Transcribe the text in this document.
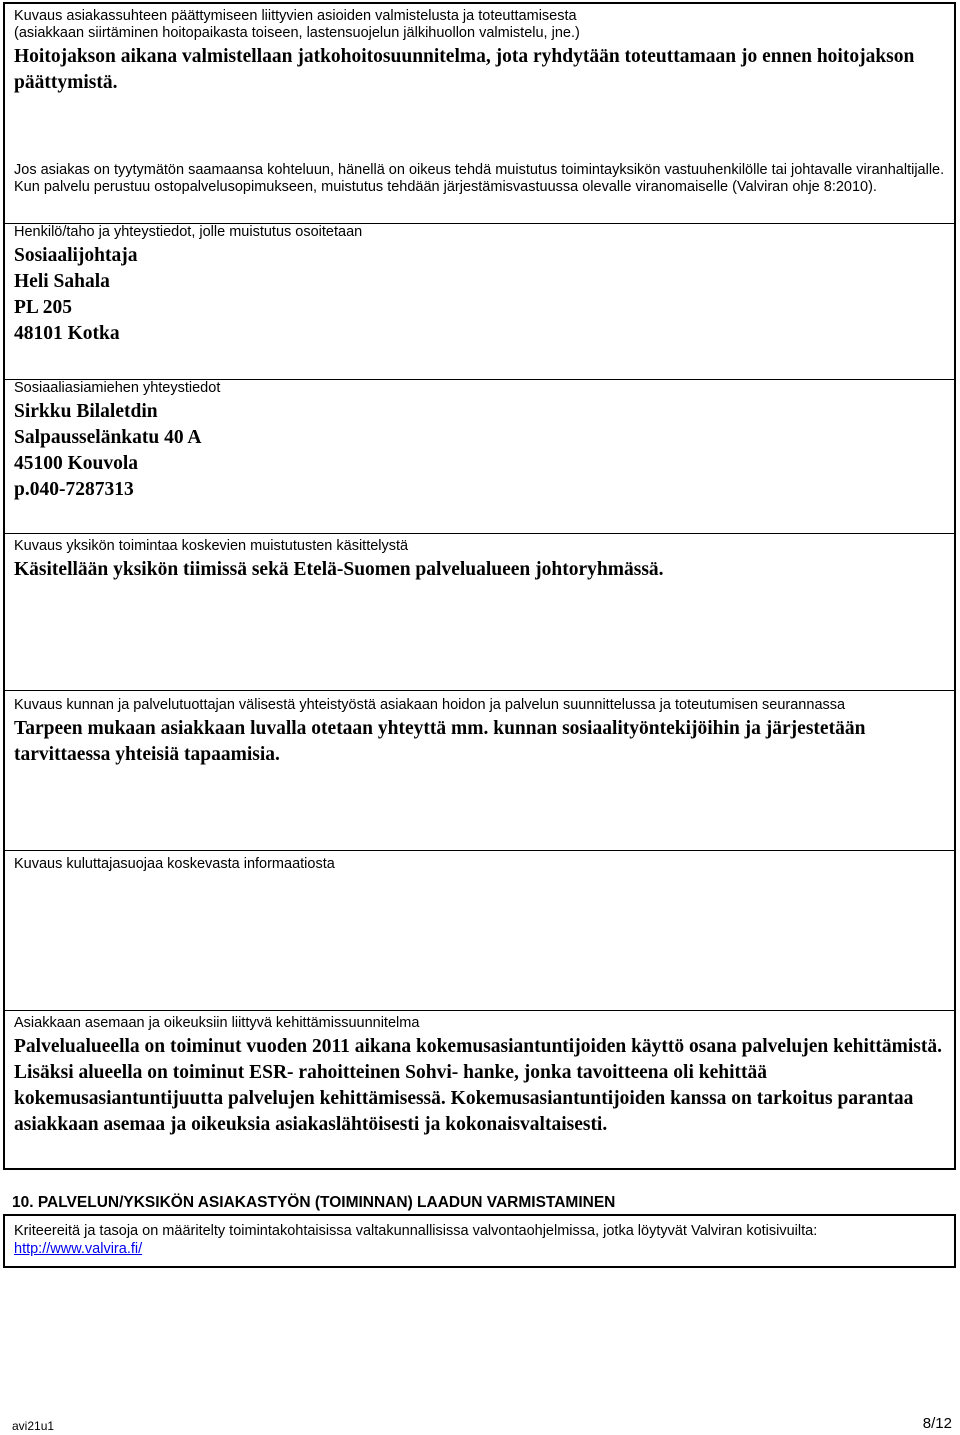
Kuvaus asiakassuhteen päättymiseen liittyvien asioiden valmistelusta ja toteuttamisesta
(asiakkaan siirtäminen hoitopaikasta toiseen, lastensuojelun jälkihuollon valmistelu, jne.)
Hoitojakson aikana valmistellaan jatkohoitosuunnitelma, jota ryhdytään toteuttamaan jo ennen hoitojakson päättymistä.
Jos asiakas on tyytymätön saamaansa kohteluun, hänellä on oikeus tehdä muistutus toimintayksikön vastuuhenkilölle tai johtavalle viranhaltijalle. Kun palvelu perustuu ostopalvelusopimukseen, muistutus tehdään järjestämisvastuussa olevalle viranomaiselle (Valviran ohje 8:2010).
Henkilö/taho ja yhteystiedot, jolle muistutus osoitetaan
Sosiaalijohtaja
Heli Sahala
PL 205
48101 Kotka
Sosiaaliasiamiehen yhteystiedot
Sirkku Bilaletdin
Salpausselänkatu 40 A
45100 Kouvola
p.040-7287313
Kuvaus yksikön toimintaa koskevien muistutusten käsittelystä
Käsitellään yksikön tiimissä sekä Etelä-Suomen palvelualueen johtoryhmässä.
Kuvaus kunnan ja palvelutuottajan välisestä yhteistyöstä asiakaan hoidon ja palvelun suunnittelussa ja toteutumisen seurannassa
Tarpeen mukaan asiakkaan luvalla otetaan yhteyttä mm. kunnan sosiaalityöntekijöihin ja järjestetään tarvittaessa yhteisiä tapaamisia.
Kuvaus kuluttajasuojaa koskevasta informaatiosta
Asiakkaan asemaan ja oikeuksiin liittyvä kehittämissuunnitelma
Palvelualueella on toiminut vuoden 2011 aikana kokemusasiantuntijoiden käyttö osana palvelujen kehittämistä. Lisäksi alueella on toiminut ESR- rahoitteinen Sohvi- hanke, jonka tavoitteena oli kehittää kokemusasiantuntijuutta palvelujen kehittämisessä. Kokemusasiantuntijoiden kanssa on tarkoitus parantaa asiakkaan asemaa ja oikeuksia asiakaslähtöisesti ja kokonaisvaltaisesti.
10. PALVELUN/YKSIKÖN ASIAKASTYÖN (TOIMINNAN) LAADUN VARMISTAMINEN
Kriteereitä ja tasoja on määritelty toimintakohtaisissa valtakunnallisissa valvontaohjelmissa, jotka löytyvät Valviran kotisivuilta:
http://www.valvira.fi/
avi21u1	8/12
